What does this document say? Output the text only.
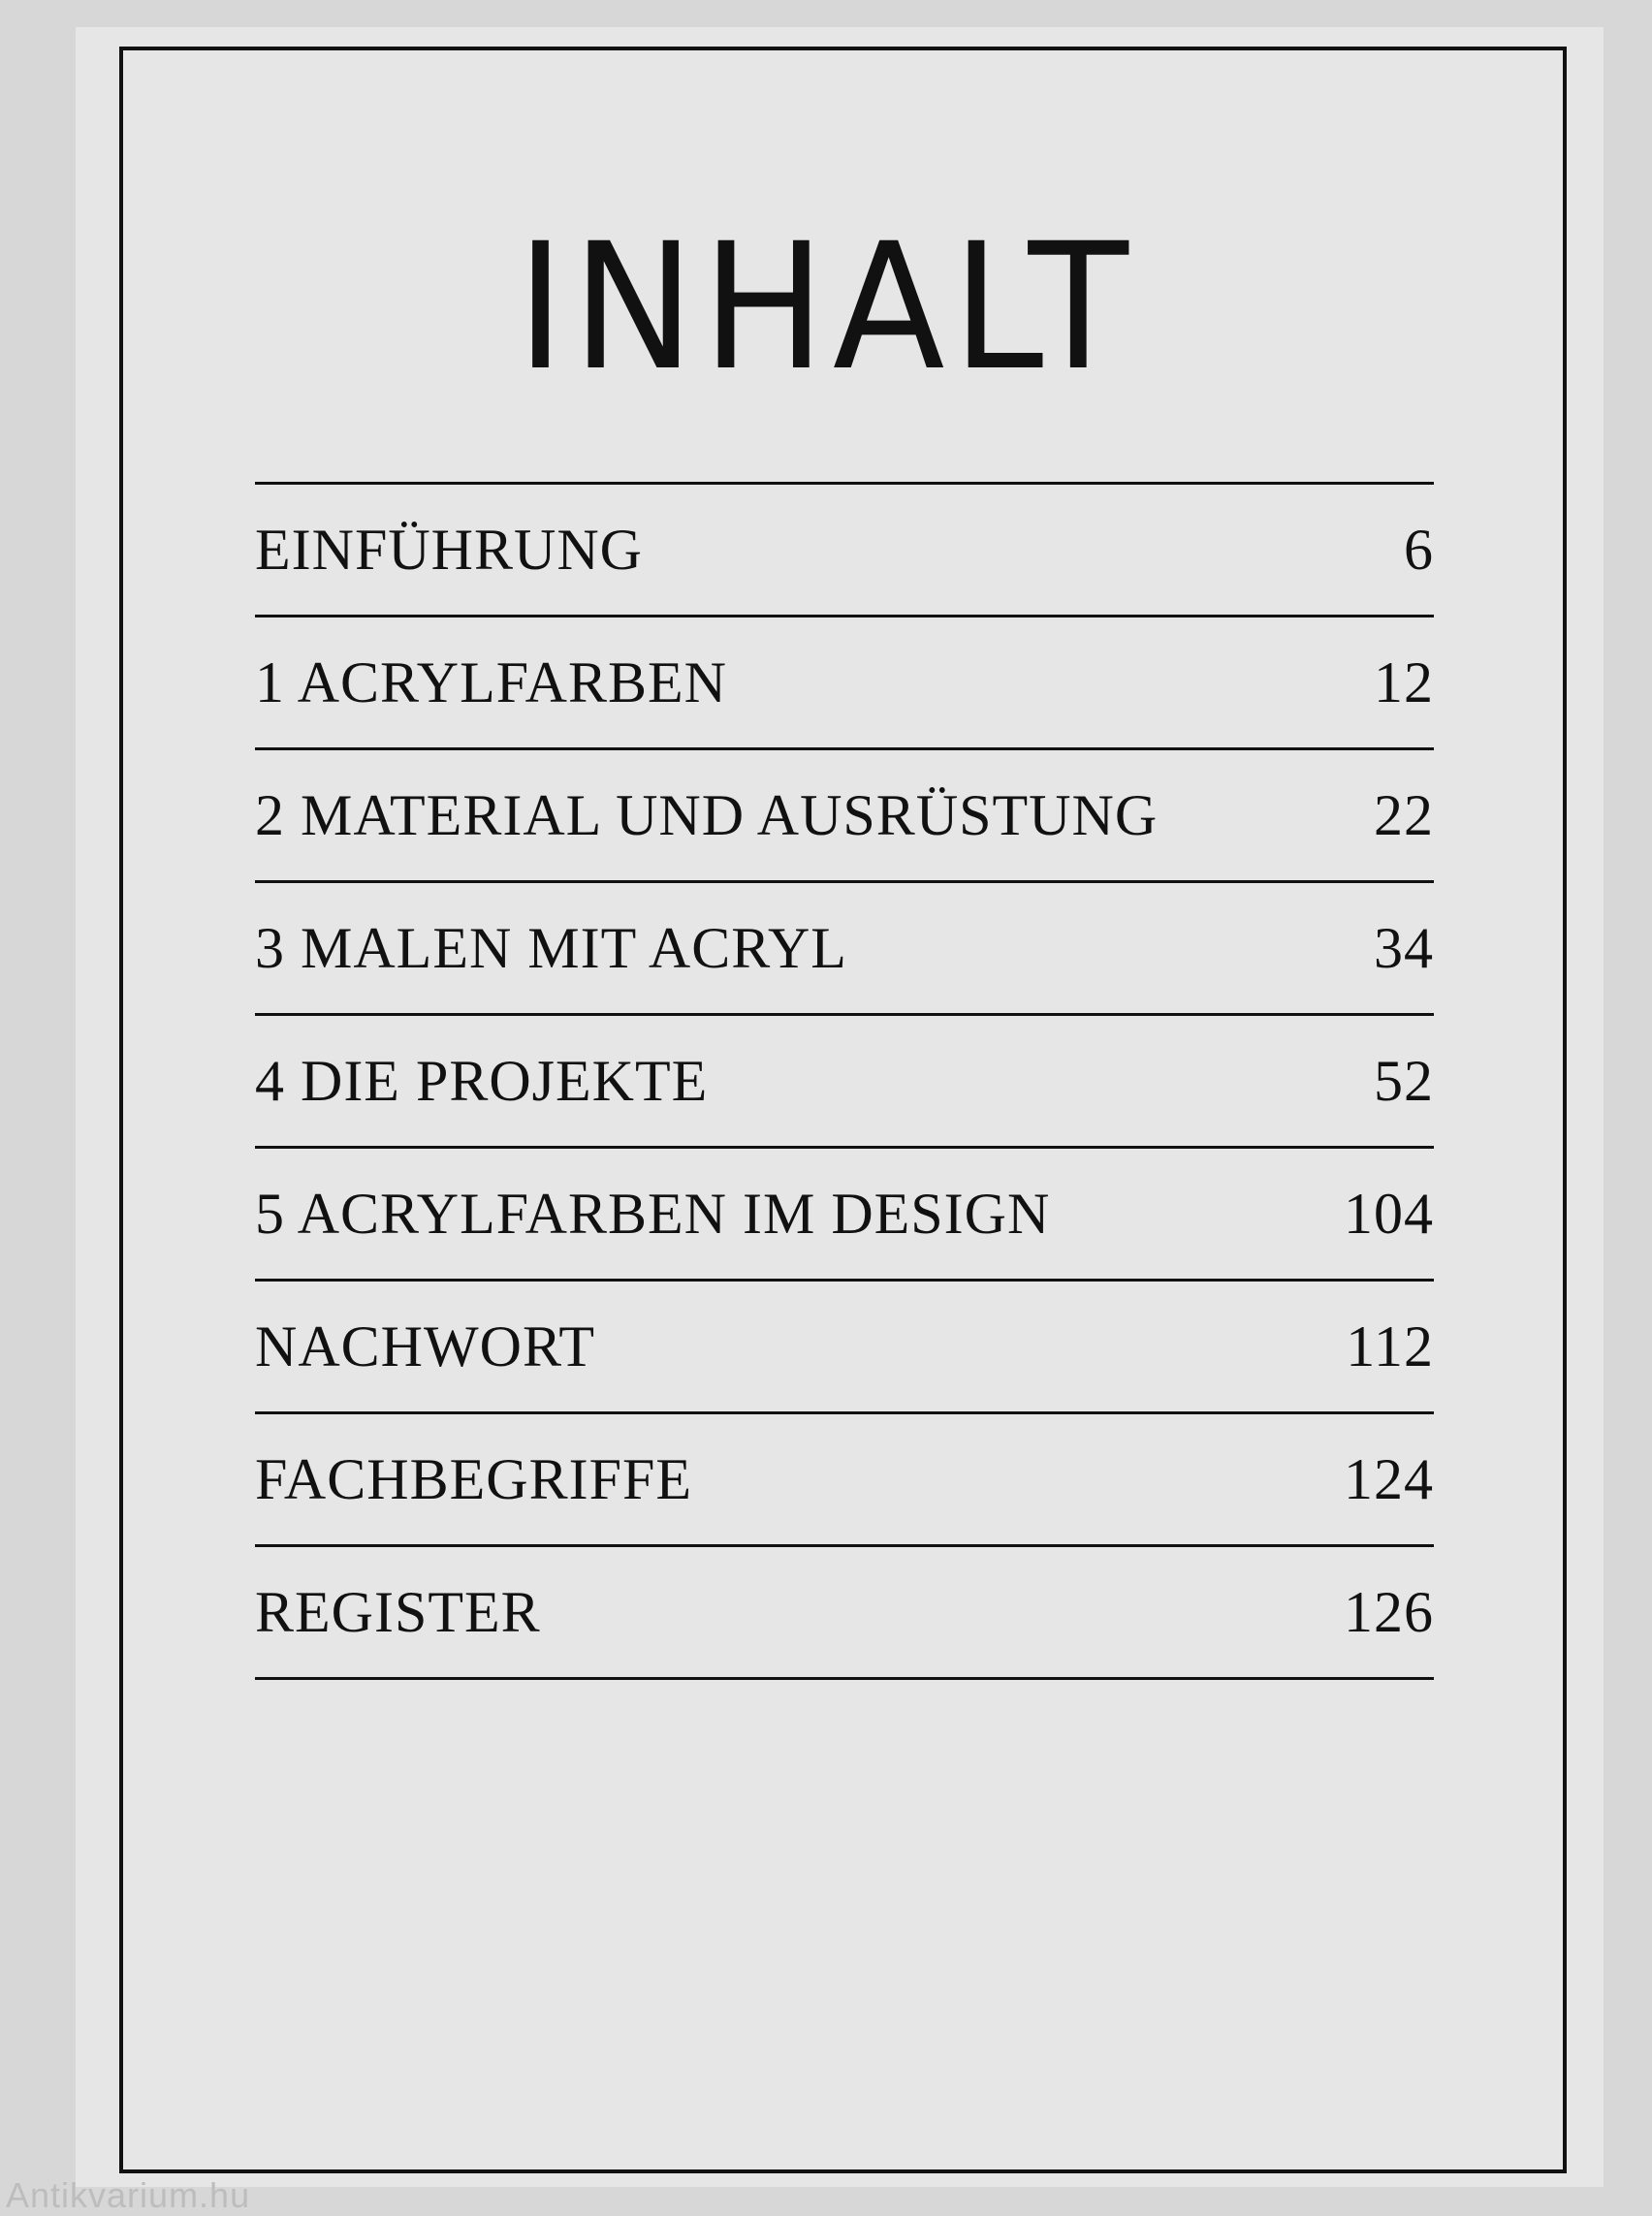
INHALT
EINFÜHRUNG	6
1 ACRYLFARBEN	12
2 MATERIAL UND AUSRÜSTUNG	22
3 MALEN MIT ACRYL	34
4 DIE PROJEKTE	52
5 ACRYLFARBEN IM DESIGN	104
NACHWORT	112
FACHBEGRIFFE	124
REGISTER	126
Antikvarium.hu
